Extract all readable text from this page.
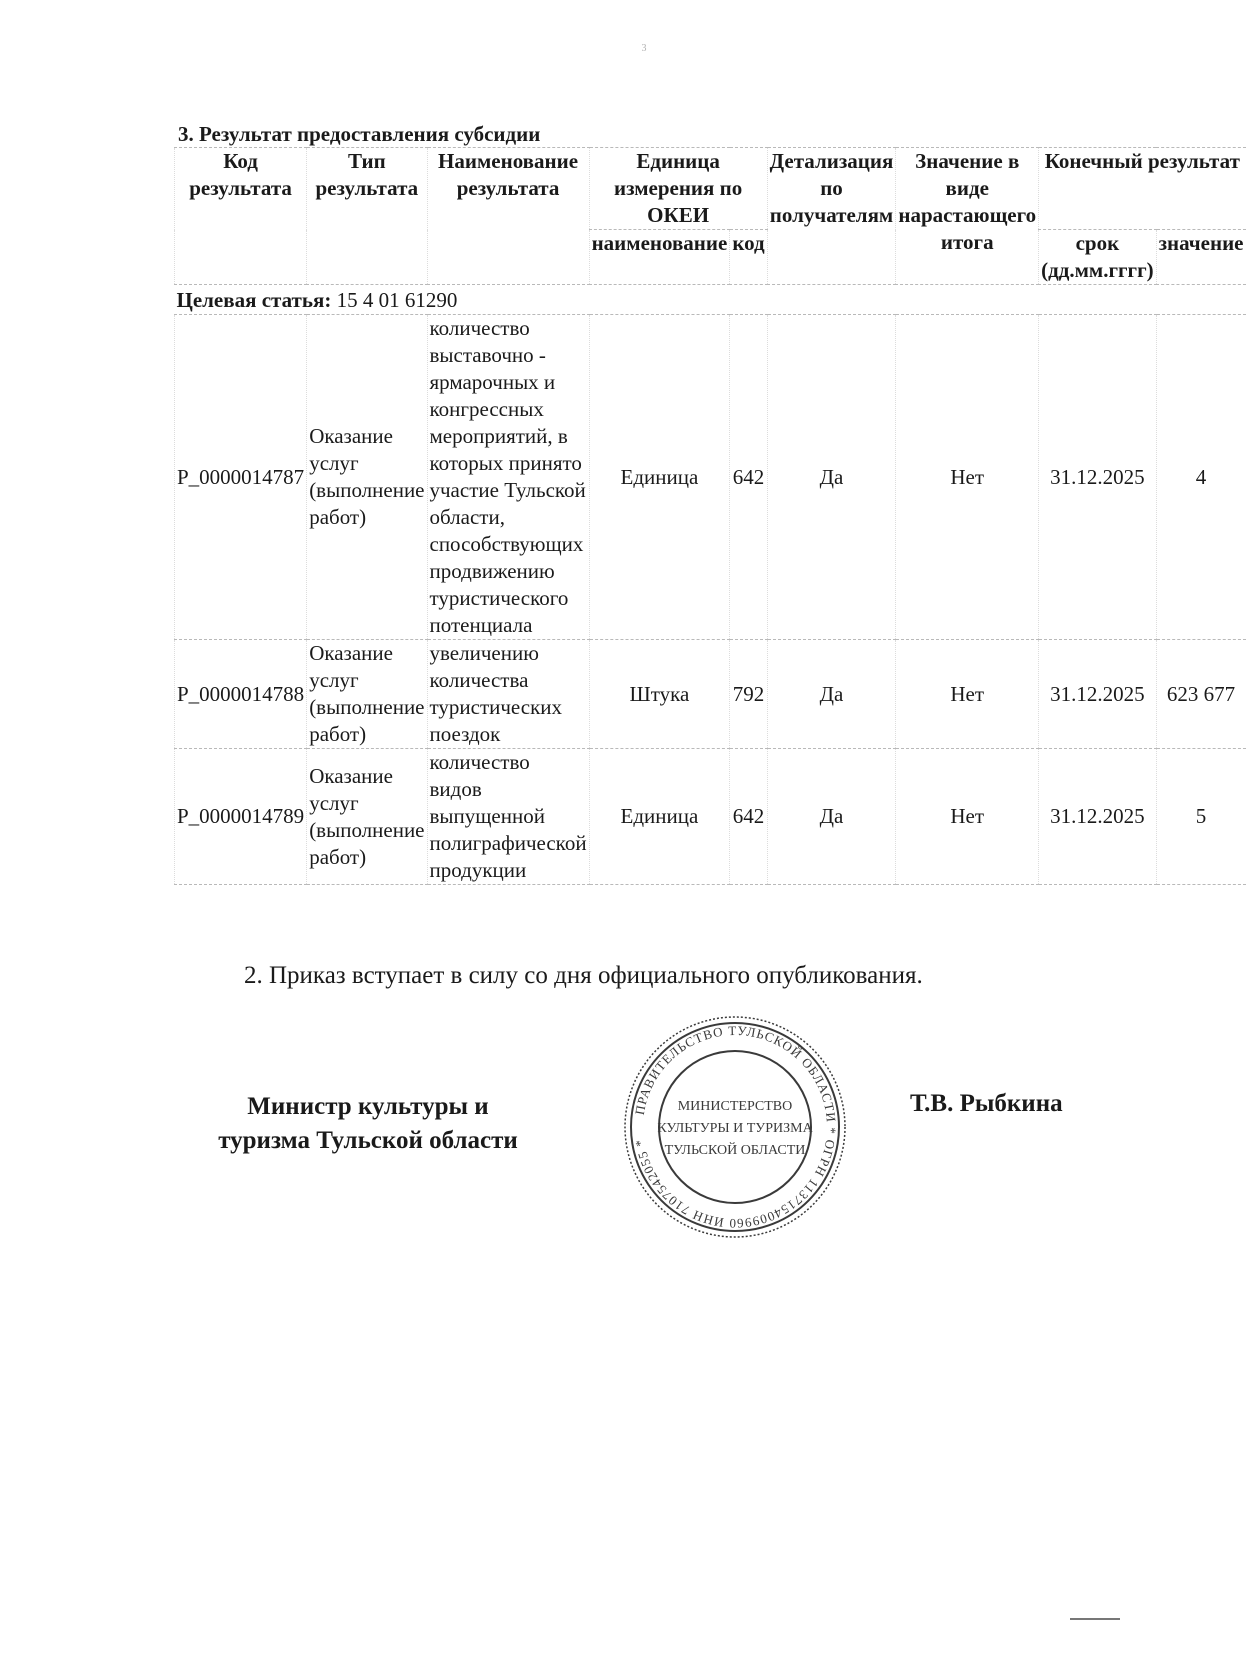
3
3. Результат предоставления субсидии
Код результата	Тип результата	Наименование результата	Единица измерения по ОКЕИ		Детализация по получателям	Значение в виде нарастающего итога	Конечный результат	
			наименование	код			срок (дд.мм.гггг)	значение
Целевая статья: 15 4 01 61290								
P_0000014787	Оказание услуг (выполнение работ)	количество выставочно - ярмарочных и конгрессных мероприятий, в которых принято участие Тульской области, способствующих продвижению туристического потенциала	Единица	642	Да	Нет	31.12.2025	4
P_0000014788	Оказание услуг (выполнение работ)	увеличению количества туристических поездок	Штука	792	Да	Нет	31.12.2025	623 677
P_0000014789	Оказание услуг (выполнение работ)	количество видов выпущенной полиграфической продукции	Единица	642	Да	Нет	31.12.2025	5
2. Приказ вступает в силу со дня официального опубликования.
Министр культуры и
туризма Тульской области
ПРАВИТЕЛЬСТВО ТУЛЬСКОЙ ОБЛАСТИ * ОГРН 1137154009960 ИНН 7107542055 *
МИНИСТЕРСТВО
КУЛЬТУРЫ И ТУРИЗМА
ТУЛЬСКОЙ ОБЛАСТИ
Т.В. Рыбкина
